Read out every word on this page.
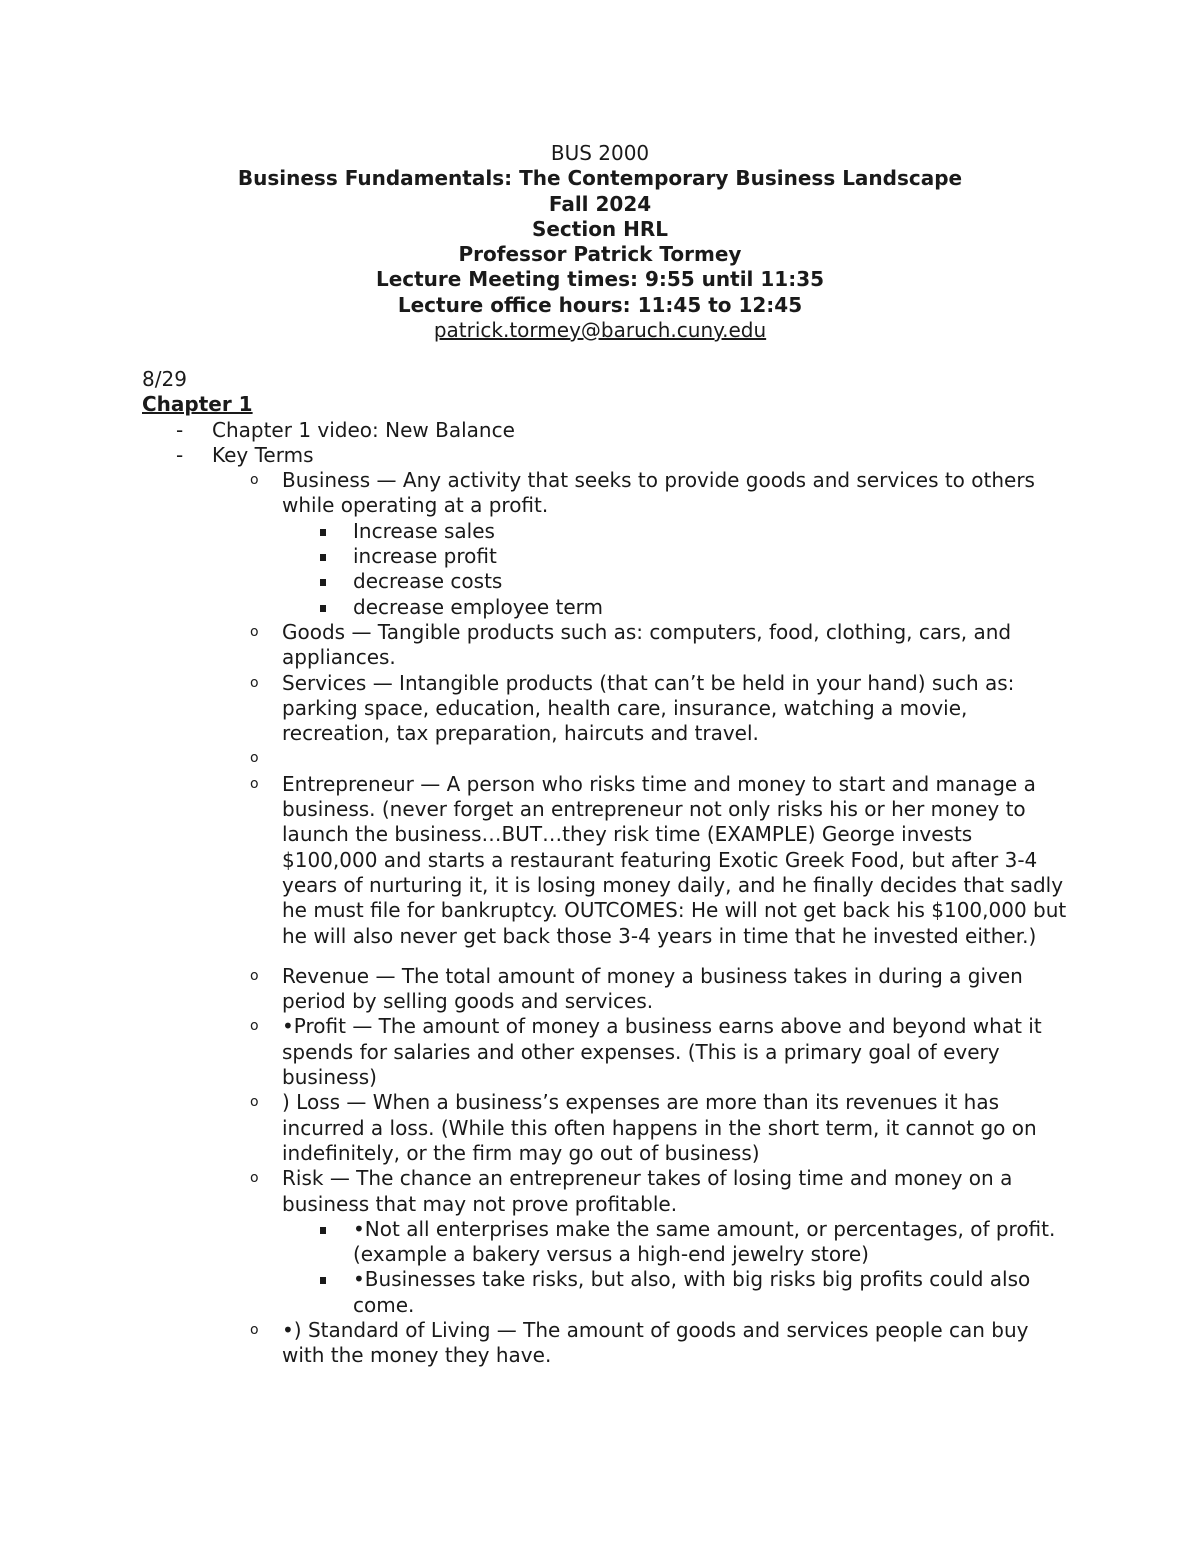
BUS 2000
Business Fundamentals: The Contemporary Business Landscape
Fall 2024
Section HRL
Professor Patrick Tormey
Lecture Meeting times: 9:55 until 11:35
Lecture office hours: 11:45 to 12:45
patrick.tormey@baruch.cuny.edu
8/29
Chapter 1
- Chapter 1 video: New Balance
- Key Terms
o Business — Any activity that seeks to provide goods and services to others while operating at a profit.
Increase sales
increase profit
decrease costs
decrease employee term
o Goods — Tangible products such as: computers, food, clothing, cars, and appliances.
o Services — Intangible products (that can’t be held in your hand) such as: parking space, education, health care, insurance, watching a movie, recreation, tax preparation, haircuts and travel.
o

o Entrepreneur — A person who risks time and money to start and manage a business. (never forget an entrepreneur not only risks his or her money to launch the business…BUT…they risk time (EXAMPLE) George invests $100,000 and starts a restaurant featuring Exotic Greek Food, but after 3-4 years of nurturing it, it is losing money daily, and he finally decides that sadly he must file for bankruptcy. OUTCOMES: He will not get back his $100,000 but he will also never get back those 3-4 years in time that he invested either.)
o Revenue — The total amount of money a business takes in during a given period by selling goods and services.
o •Profit — The amount of money a business earns above and beyond what it spends for salaries and other expenses. (This is a primary goal of every business)
o ) Loss — When a business’s expenses are more than its revenues it has incurred a loss. (While this often happens in the short term, it cannot go on indefinitely, or the firm may go out of business)
o Risk — The chance an entrepreneur takes of losing time and money on a business that may not prove profitable.
•Not all enterprises make the same amount, or percentages, of profit. (example a bakery versus a high-end jewelry store)
•Businesses take risks, but also, with big risks big profits could also come.
o •) Standard of Living — The amount of goods and services people can buy with the money they have.
